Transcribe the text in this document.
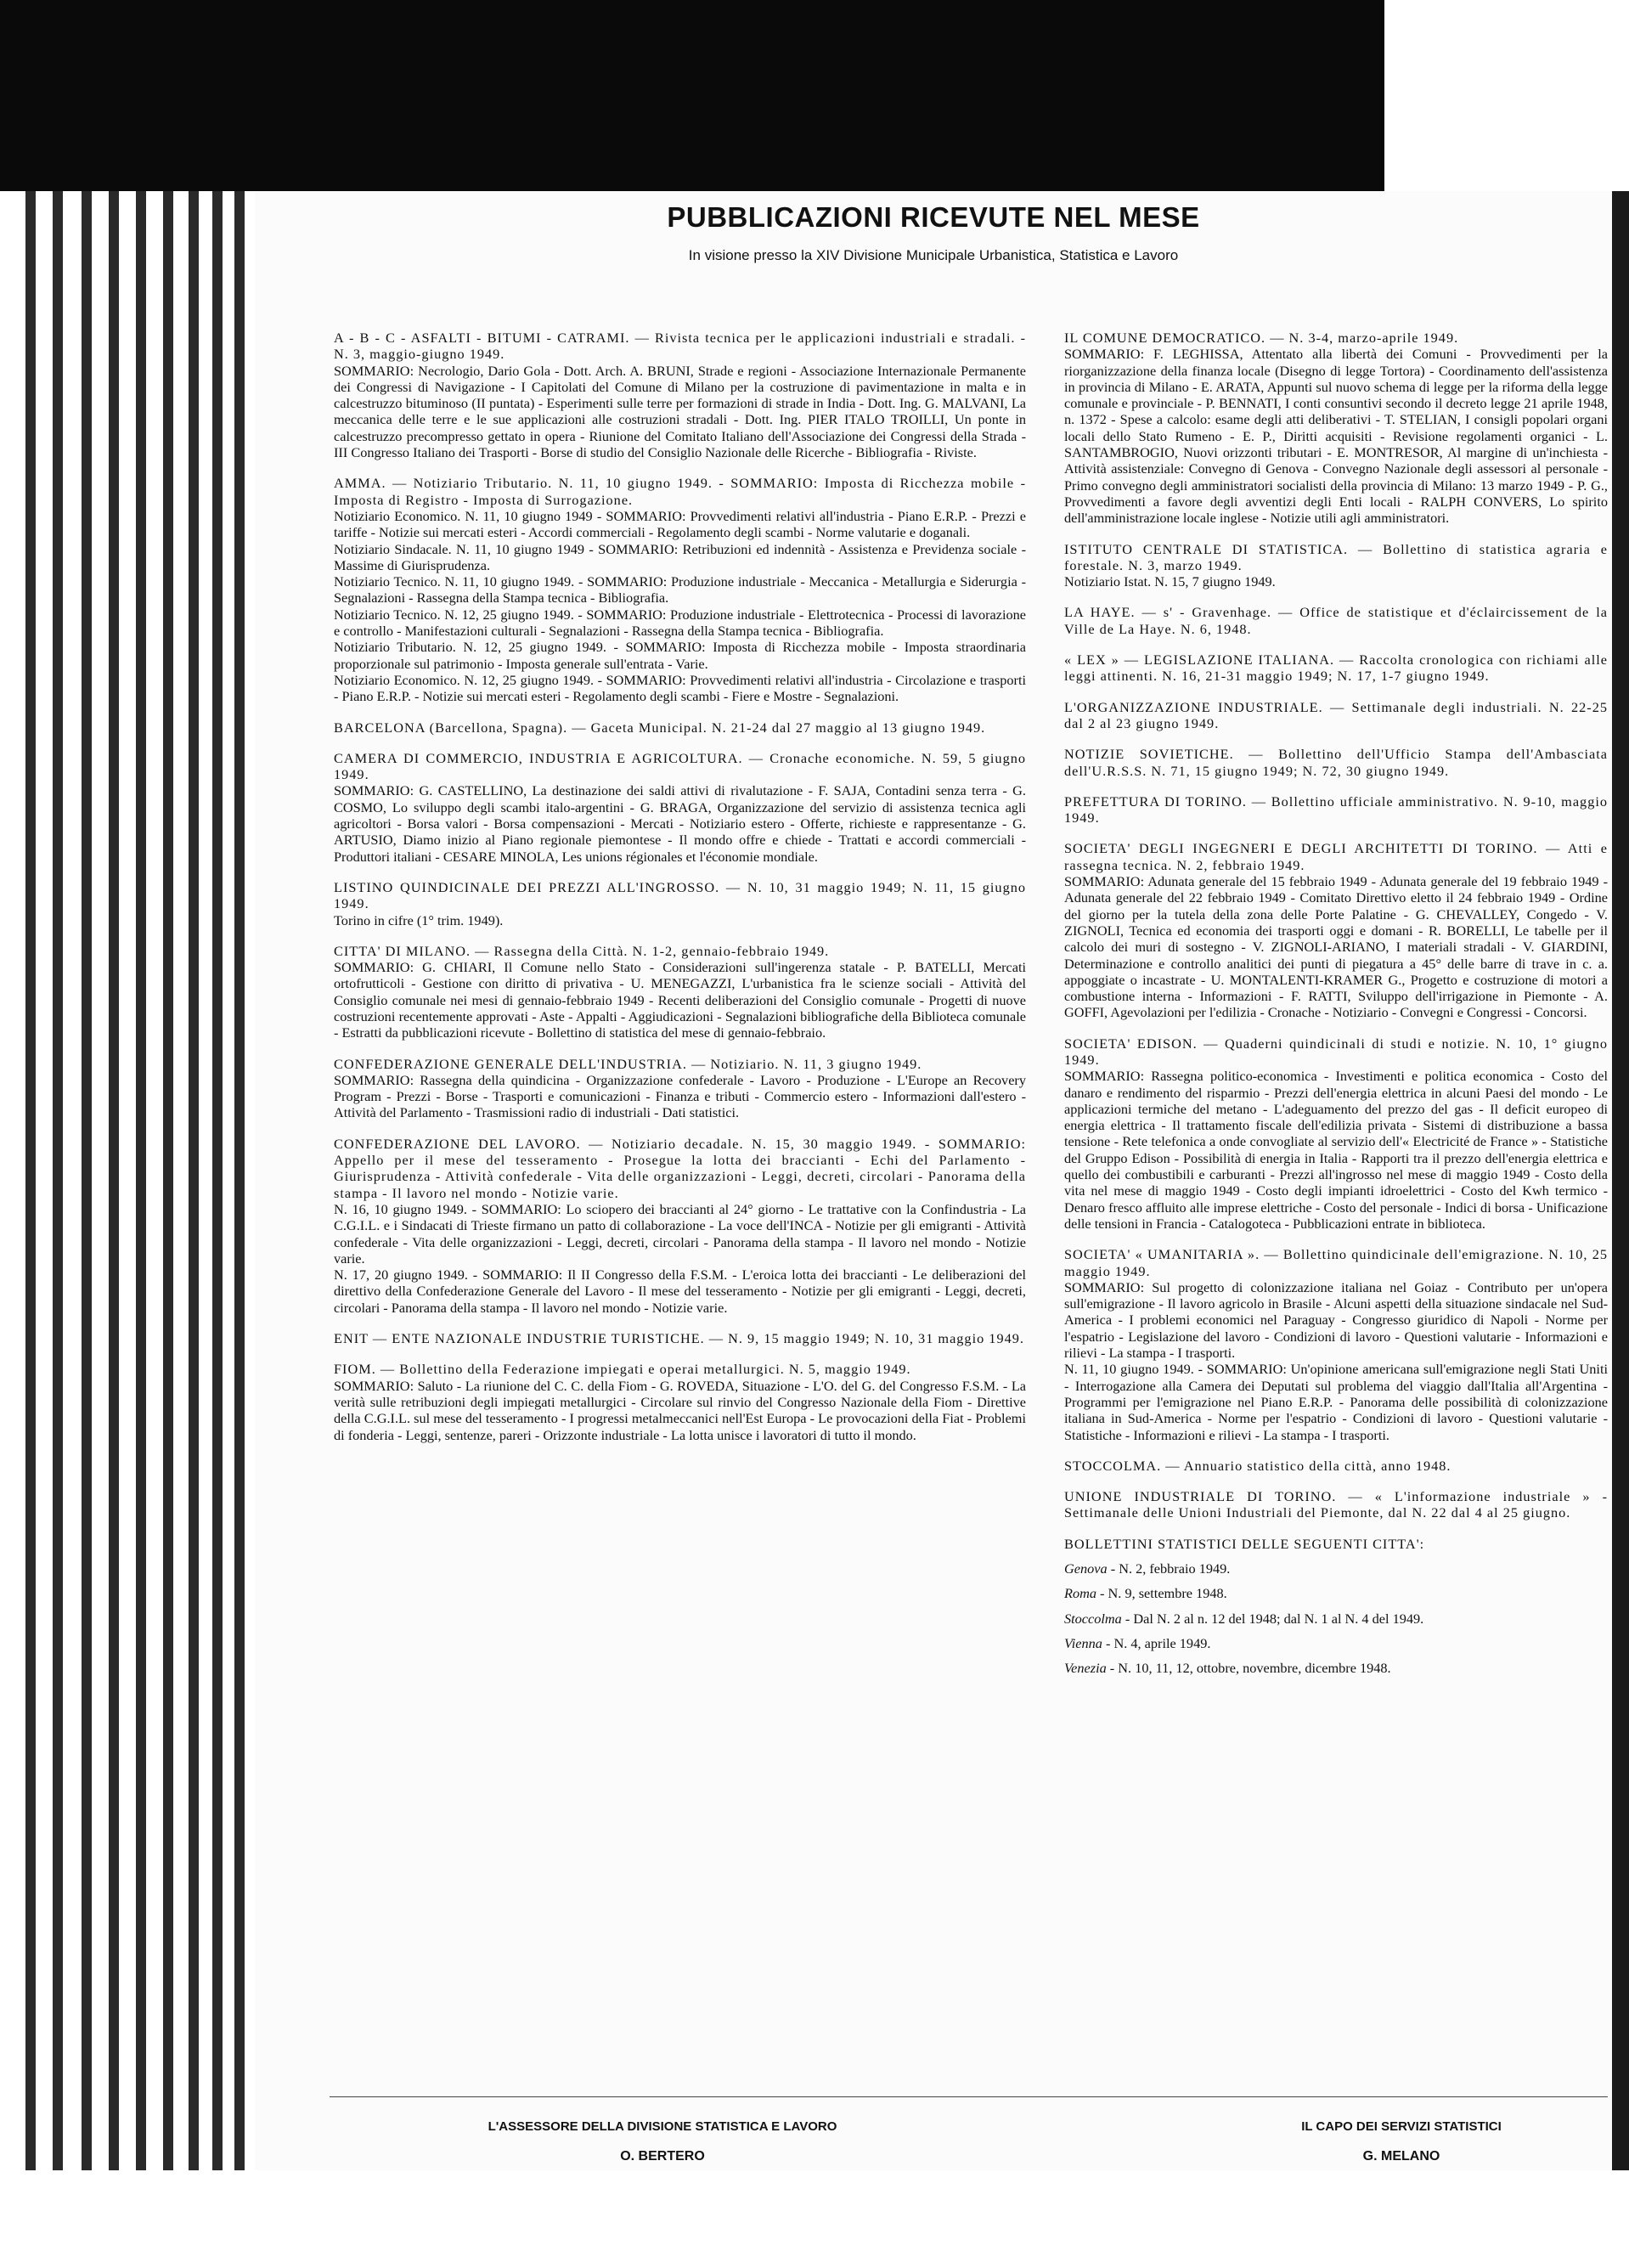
PUBBLICAZIONI RICEVUTE NEL MESE
In visione presso la XIV Divisione Municipale Urbanistica, Statistica e Lavoro

A - B - C - ASFALTI - BITUMI - CATRAMI. — Rivista tecnica per le applicazioni industriali e stradali. - N. 3, maggio-giugno 1949.

SOMMARIO: Necrologio, Dario Gola - Dott. Arch. A. BRUNI, Strade e regioni - Associazione Internazionale Permanente dei Congressi di Navigazione - I Capitolati del Comune di Milano per la costruzione di pavimentazione in malta e in calcestruzzo bituminoso (II puntata) - Esperimenti sulle terre per formazioni di strade in India - Dott. Ing. G. MALVANI, La meccanica delle terre e le sue applicazioni alle costruzioni stradali - Dott. Ing. PIER ITALO TROILLI, Un ponte in calcestruzzo precompresso gettato in opera - Riunione del Comitato Italiano dell'Associazione dei Congressi della Strada - III Congresso Italiano dei Trasporti - Borse di studio del Consiglio Nazionale delle Ricerche - Bibliografia - Riviste.

AMMA. — Notiziario Tributario. N. 11, 10 giugno 1949. - SOMMARIO: Imposta di Ricchezza mobile - Imposta di Registro - Imposta di Surrogazione.

Notiziario Economico. N. 11, 10 giugno 1949 - SOMMARIO: Provvedimenti relativi all'industria - Piano E.R.P. - Prezzi e tariffe - Notizie sui mercati esteri - Accordi commerciali - Regolamento degli scambi - Norme valutarie e doganali.

Notiziario Sindacale. N. 11, 10 giugno 1949 - SOMMARIO: Retribuzioni ed indennità - Assistenza e Previdenza sociale - Massime di Giurisprudenza.

Notiziario Tecnico. N. 11, 10 giugno 1949. - SOMMARIO: Produzione industriale - Meccanica - Metallurgia e Siderurgia - Segnalazioni - Rassegna della Stampa tecnica - Bibliografia.

Notiziario Tecnico. N. 12, 25 giugno 1949. - SOMMARIO: Produzione industriale - Elettrotecnica - Processi di lavorazione e controllo - Manifestazioni culturali - Segnalazioni - Rassegna della Stampa tecnica - Bibliografia.

Notiziario Tributario. N. 12, 25 giugno 1949. - SOMMARIO: Imposta di Ricchezza mobile - Imposta straordinaria proporzionale sul patrimonio - Imposta generale sull'entrata - Varie.

Notiziario Economico. N. 12, 25 giugno 1949. - SOMMARIO: Provvedimenti relativi all'industria - Circolazione e trasporti - Piano E.R.P. - Notizie sui mercati esteri - Regolamento degli scambi - Fiere e Mostre - Segnalazioni.

BARCELONA (Barcellona, Spagna). — Gaceta Municipal. N. 21-24 dal 27 maggio al 13 giugno 1949.

CAMERA DI COMMERCIO, INDUSTRIA E AGRICOLTURA. — Cronache economiche. N. 59, 5 giugno 1949.

SOMMARIO: G. CASTELLINO, La destinazione dei saldi attivi di rivalutazione - F. SAJA, Contadini senza terra - G. COSMO, Lo sviluppo degli scambi italo-argentini - G. BRAGA, Organizzazione del servizio di assistenza tecnica agli agricoltori - Borsa valori - Borsa compensazioni - Mercati - Notiziario estero - Offerte, richieste e rappresentanze - G. ARTUSIO, Diamo inizio al Piano regionale piemontese - Il mondo offre e chiede - Trattati e accordi commerciali - Produttori italiani - CESARE MINOLA, Les unions régionales et l'économie mondiale.

LISTINO QUINDICINALE DEI PREZZI ALL'INGROSSO. — N. 10, 31 maggio 1949; N. 11, 15 giugno 1949.

Torino in cifre (1° trim. 1949).

CITTA' DI MILANO. — Rassegna della Città. N. 1-2, gennaio-febbraio 1949.

SOMMARIO: G. CHIARI, Il Comune nello Stato - Considerazioni sull'ingerenza statale - P. BATELLI, Mercati ortofrutticoli - Gestione con diritto di privativa - U. MENEGAZZI, L'urbanistica fra le scienze sociali - Attività del Consiglio comunale nei mesi di gennaio-febbraio 1949 - Recenti deliberazioni del Consiglio comunale - Progetti di nuove costruzioni recentemente approvati - Aste - Appalti - Aggiudicazioni - Segnalazioni bibliografiche della Biblioteca comunale - Estratti da pubblicazioni ricevute - Bollettino di statistica del mese di gennaio-febbraio.

CONFEDERAZIONE GENERALE DELL'INDUSTRIA. — Notiziario. N. 11, 3 giugno 1949.

SOMMARIO: Rassegna della quindicina - Organizzazione confederale - Lavoro - Produzione - L'Europe an Recovery Program - Prezzi - Borse - Trasporti e comunicazioni - Finanza e tributi - Commercio estero - Informazioni dall'estero - Attività del Parlamento - Trasmissioni radio di industriali - Dati statistici.

CONFEDERAZIONE DEL LAVORO. — Notiziario decadale. N. 15, 30 maggio 1949. - SOMMARIO: Appello per il mese del tesseramento - Prosegue la lotta dei braccianti - Echi del Parlamento - Giurisprudenza - Attività confederale - Vita delle organizzazioni - Leggi, decreti, circolari - Panorama della stampa - Il lavoro nel mondo - Notizie varie.

N. 16, 10 giugno 1949. - SOMMARIO: Lo sciopero dei braccianti al 24° giorno - Le trattative con la Confindustria - La C.G.I.L. e i Sindacati di Trieste firmano un patto di collaborazione - La voce dell'INCA - Notizie per gli emigranti - Attività confederale - Vita delle organizzazioni - Leggi, decreti, circolari - Panorama della stampa - Il lavoro nel mondo - Notizie varie.

N. 17, 20 giugno 1949. - SOMMARIO: Il II Congresso della F.S.M. - L'eroica lotta dei braccianti - Le deliberazioni del direttivo della Confederazione Generale del Lavoro - Il mese del tesseramento - Notizie per gli emigranti - Leggi, decreti, circolari - Panorama della stampa - Il lavoro nel mondo - Notizie varie.

ENIT — ENTE NAZIONALE INDUSTRIE TURISTICHE. — N. 9, 15 maggio 1949; N. 10, 31 maggio 1949.

FIOM. — Bollettino della Federazione impiegati e operai metallurgici. N. 5, maggio 1949.

SOMMARIO: Saluto - La riunione del C. C. della Fiom - G. ROVEDA, Situazione - L'O. del G. del Congresso F.S.M. - La verità sulle retribuzioni degli impiegati metallurgici - Circolare sul rinvio del Congresso Nazionale della Fiom - Direttive della C.G.I.L. sul mese del tesseramento - I progressi metalmeccanici nell'Est Europa - Le provocazioni della Fiat - Problemi di fonderia - Leggi, sentenze, pareri - Orizzonte industriale - La lotta unisce i lavoratori di tutto il mondo.

IL COMUNE DEMOCRATICO. — N. 3-4, marzo-aprile 1949.

SOMMARIO: F. LEGHISSA, Attentato alla libertà dei Comuni - Provvedimenti per la riorganizzazione della finanza locale (Disegno di legge Tortora) - Coordinamento dell'assistenza in provincia di Milano - E. ARATA, Appunti sul nuovo schema di legge per la riforma della legge comunale e provinciale - P. BENNATI, I conti consuntivi secondo il decreto legge 21 aprile 1948, n. 1372 - Spese a calcolo: esame degli atti deliberativi - T. STELIAN, I consigli popolari organi locali dello Stato Rumeno - E. P., Diritti acquisiti - Revisione regolamenti organici - L. SANTAMBROGIO, Nuovi orizzonti tributari - E. MONTRESOR, Al margine di un'inchiesta - Attività assistenziale: Convegno di Genova - Convegno Nazionale degli assessori al personale - Primo convegno degli amministratori socialisti della provincia di Milano: 13 marzo 1949 - P. G., Provvedimenti a favore degli avventizi degli Enti locali - RALPH CONVERS, Lo spirito dell'amministrazione locale inglese - Notizie utili agli amministratori.

ISTITUTO CENTRALE DI STATISTICA. — Bollettino di statistica agraria e forestale. N. 3, marzo 1949.

Notiziario Istat. N. 15, 7 giugno 1949.

LA HAYE. — s' - Gravenhage. — Office de statistique et d'éclaircissement de la Ville de La Haye. N. 6, 1948.

« LEX » — LEGISLAZIONE ITALIANA. — Raccolta cronologica con richiami alle leggi attinenti. N. 16, 21-31 maggio 1949; N. 17, 1-7 giugno 1949.

L'ORGANIZZAZIONE INDUSTRIALE. — Settimanale degli industriali. N. 22-25 dal 2 al 23 giugno 1949.

NOTIZIE SOVIETICHE. — Bollettino dell'Ufficio Stampa dell'Ambasciata dell'U.R.S.S. N. 71, 15 giugno 1949; N. 72, 30 giugno 1949.

PREFETTURA DI TORINO. — Bollettino ufficiale amministrativo. N. 9-10, maggio 1949.

SOCIETA' DEGLI INGEGNERI E DEGLI ARCHITETTI DI TORINO. — Atti e rassegna tecnica. N. 2, febbraio 1949.

SOMMARIO: Adunata generale del 15 febbraio 1949 - Adunata generale del 19 febbraio 1949 - Adunata generale del 22 febbraio 1949 - Comitato Direttivo eletto il 24 febbraio 1949 - Ordine del giorno per la tutela della zona delle Porte Palatine - G. CHEVALLEY, Congedo - V. ZIGNOLI, Tecnica ed economia dei trasporti oggi e domani - R. BORELLI, Le tabelle per il calcolo dei muri di sostegno - V. ZIGNOLI-ARIANO, I materiali stradali - V. GIARDINI, Determinazione e controllo analitici dei punti di piegatura a 45° delle barre di trave in c. a. appoggiate o incastrate - U. MONTALENTI-KRAMER G., Progetto e costruzione di motori a combustione interna - Informazioni - F. RATTI, Sviluppo dell'irrigazione in Piemonte - A. GOFFI, Agevolazioni per l'edilizia - Cronache - Notiziario - Convegni e Congressi - Concorsi.

SOCIETA' EDISON. — Quaderni quindicinali di studi e notizie. N. 10, 1° giugno 1949.

SOMMARIO: Rassegna politico-economica - Investimenti e politica economica - Costo del danaro e rendimento del risparmio - Prezzi dell'energia elettrica in alcuni Paesi del mondo - Le applicazioni termiche del metano - L'adeguamento del prezzo del gas - Il deficit europeo di energia elettrica - Il trattamento fiscale dell'edilizia privata - Sistemi di distribuzione a bassa tensione - Rete telefonica a onde convogliate al servizio dell'« Electricité de France » - Statistiche del Gruppo Edison - Possibilità di energia in Italia - Rapporti tra il prezzo dell'energia elettrica e quello dei combustibili e carburanti - Prezzi all'ingrosso nel mese di maggio 1949 - Costo della vita nel mese di maggio 1949 - Costo degli impianti idroelettrici - Costo del Kwh termico - Denaro fresco affluito alle imprese elettriche - Costo del personale - Indici di borsa - Unificazione delle tensioni in Francia - Catalogoteca - Pubblicazioni entrate in biblioteca.

SOCIETA' « UMANITARIA ». — Bollettino quindicinale dell'emigrazione. N. 10, 25 maggio 1949.

SOMMARIO: Sul progetto di colonizzazione italiana nel Goiaz - Contributo per un'opera sull'emigrazione - Il lavoro agricolo in Brasile - Alcuni aspetti della situazione sindacale nel Sud-America - I problemi economici nel Paraguay - Congresso giuridico di Napoli - Norme per l'espatrio - Legislazione del lavoro - Condizioni di lavoro - Questioni valutarie - Informazioni e rilievi - La stampa - I trasporti.

N. 11, 10 giugno 1949. - SOMMARIO: Un'opinione americana sull'emigrazione negli Stati Uniti - Interrogazione alla Camera dei Deputati sul problema del viaggio dall'Italia all'Argentina - Programmi per l'emigrazione nel Piano E.R.P. - Panorama delle possibilità di colonizzazione italiana in Sud-America - Norme per l'espatrio - Condizioni di lavoro - Questioni valutarie - Statistiche - Informazioni e rilievi - La stampa - I trasporti.

STOCCOLMA. — Annuario statistico della città, anno 1948.

UNIONE INDUSTRIALE DI TORINO. — « L'informazione industriale » - Settimanale delle Unioni Industriali del Piemonte, dal N. 22 dal 4 al 25 giugno.

BOLLETTINI STATISTICI DELLE SEGUENTI CITTA':

Genova - N. 2, febbraio 1949.

Roma - N. 9, settembre 1948.

Stoccolma - Dal N. 2 al n. 12 del 1948; dal N. 1 al N. 4 del 1949.

Vienna - N. 4, aprile 1949.

Venezia - N. 10, 11, 12, ottobre, novembre, dicembre 1948.

L'ASSESSORE DELLA DIVISIONE STATISTICA E LAVORO
O. BERTERO
IL CAPO DEI SERVIZI STATISTICI
G. MELANO
